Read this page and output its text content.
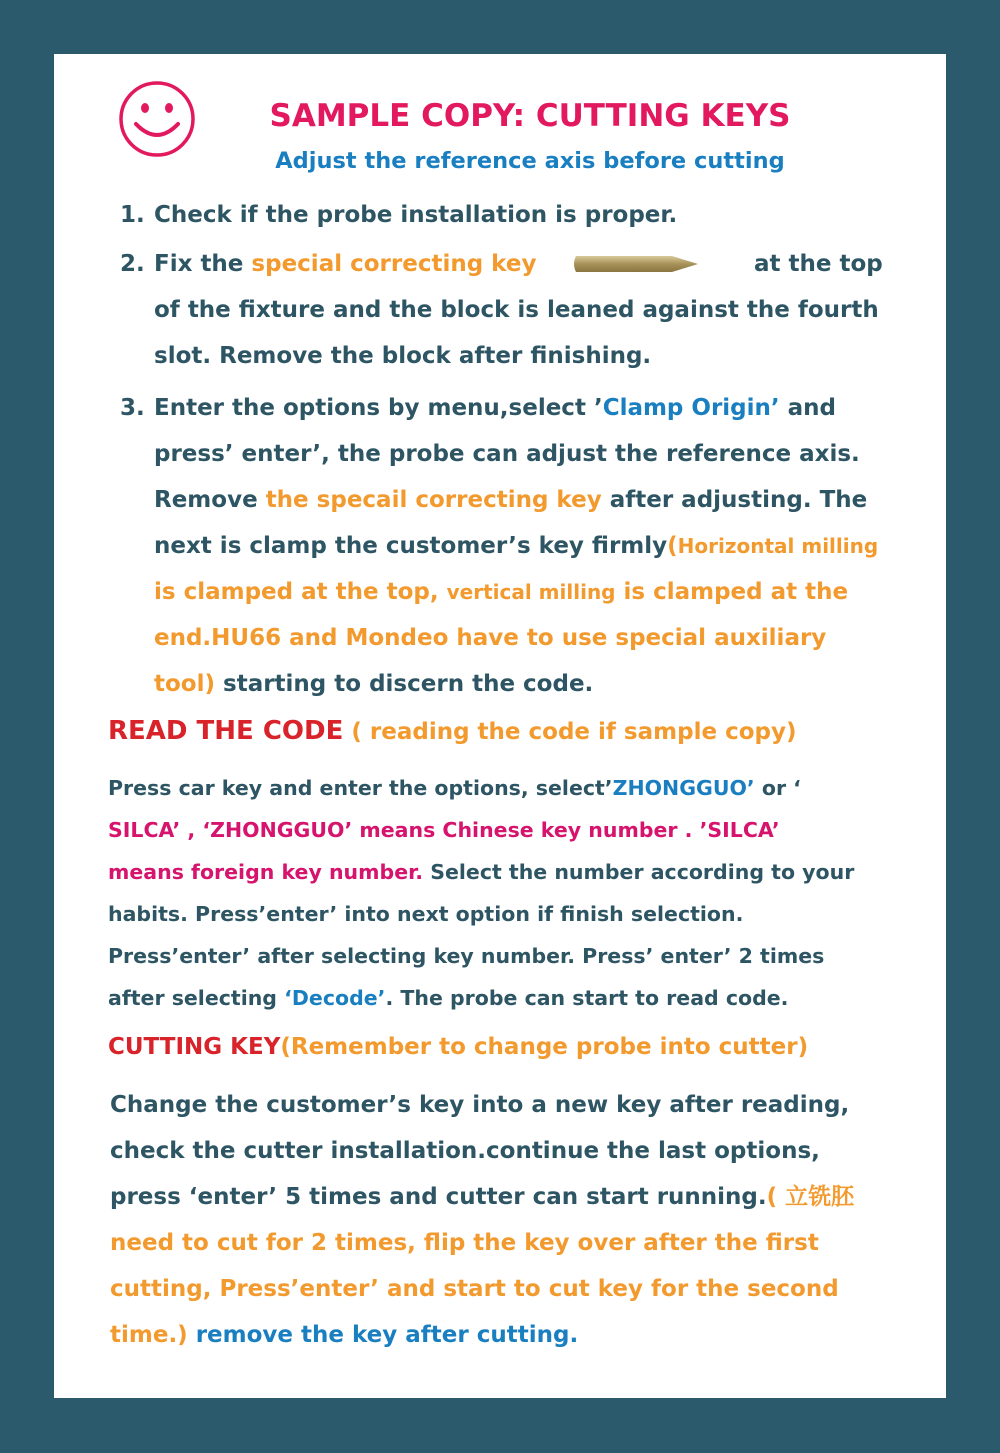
SAMPLE COPY: CUTTING KEYS
Adjust the reference axis before cutting
1. Check if the probe installation is proper.
2. Fix the special correcting key	at the top
of the fixture and the block is leaned against the fourth
slot. Remove the block after finishing.
3. Enter the options by menu,select ’Clamp Origin’ and
press’ enter’, the probe can adjust the reference axis.
Remove the specail correcting key after adjusting. The
next is clamp the customer’s key firmly(Horizontal milling
is clamped at the top, vertical milling is clamped at the
end.HU66 and Mondeo have to use special auxiliary
tool) starting to discern the code.
READ THE CODE ( reading the code if sample copy)
Press car key and enter the options, select’ZHONGGUO’ or ‘
SILCA’ , ‘ZHONGGUO’ means Chinese key number . ’SILCA’
means foreign key number. Select the number according to your
habits. Press’enter’ into next option if finish selection.
Press’enter’ after selecting key number. Press’ enter’ 2 times
after selecting ‘Decode’. The probe can start to read code.
CUTTING KEY(Remember to change probe into cutter)
Change the customer’s key into a new key after reading,
check the cutter installation.continue the last options,
press ‘enter’ 5 times and cutter can start running.( 立铣胚
need to cut for 2 times, flip the key over after the first
cutting, Press’enter’ and start to cut key for the second
time.) remove the key after cutting.
